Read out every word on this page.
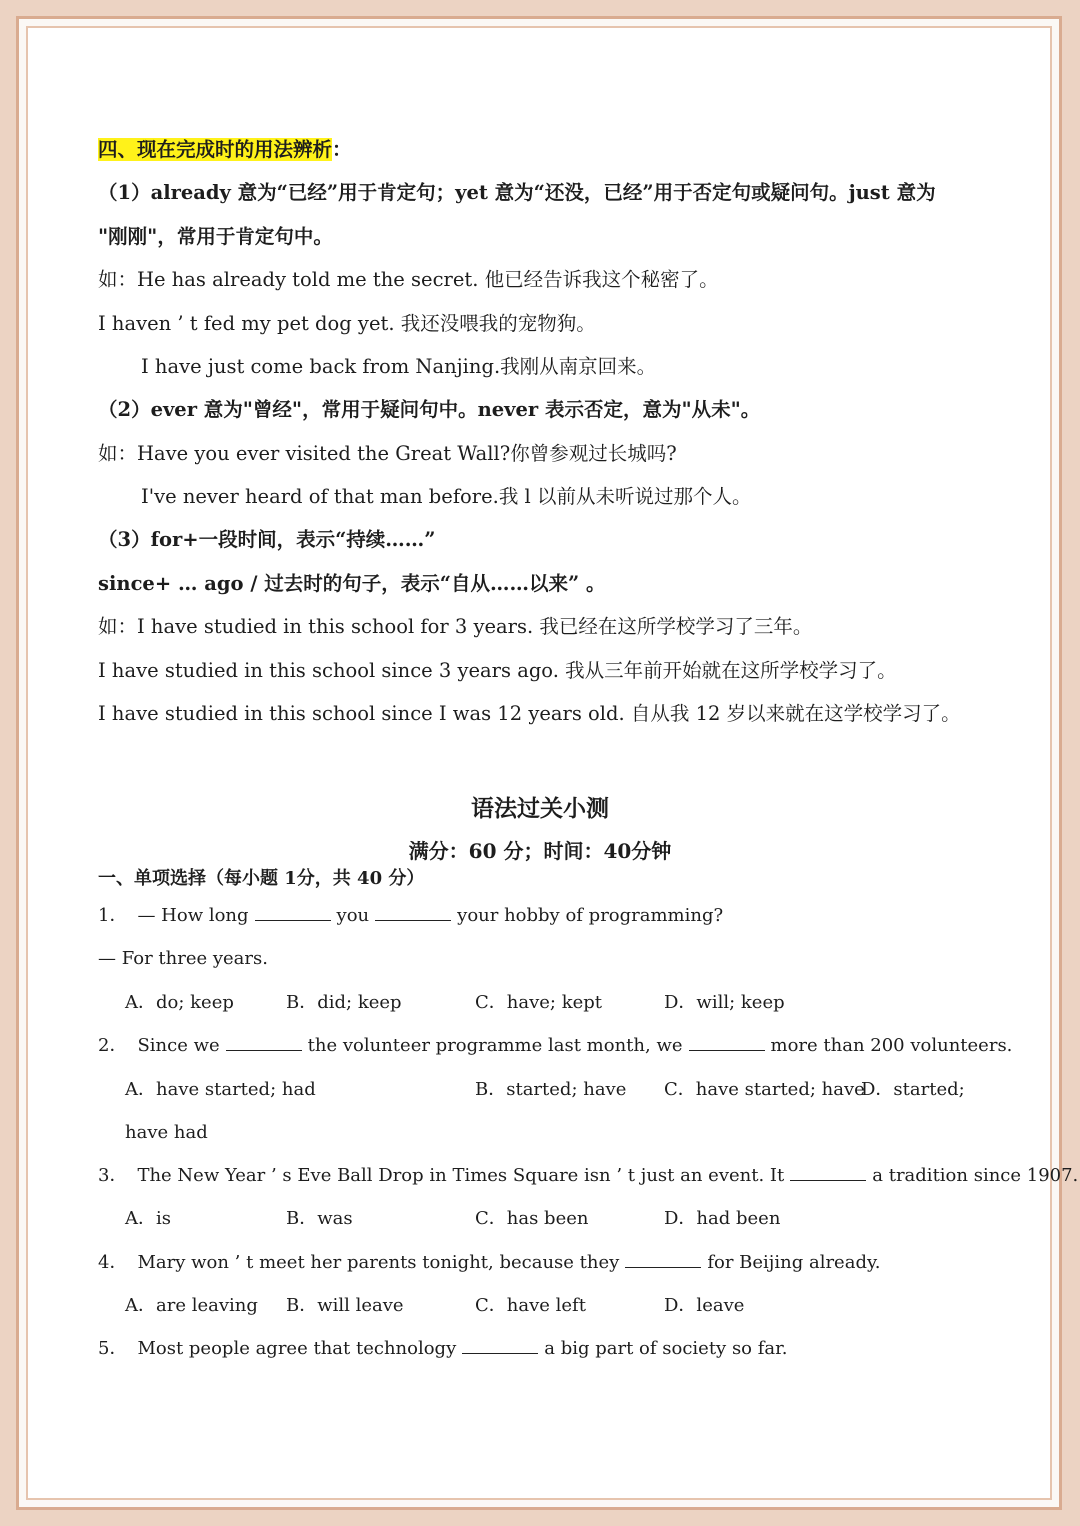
四、现在完成时的用法辨析：
（1）already 意为“已经”用于肯定句；yet 意为“还没，已经”用于否定句或疑问句。just 意为
"刚刚"，常用于肯定句中。
如：He has already told me the secret. 他已经告诉我这个秘密了。
I haven ’ t fed my pet dog yet. 我还没喂我的宠物狗。
I have just come back from Nanjing.我刚从南京回来。
（2）ever 意为"曾经"，常用于疑问句中。never 表示否定，意为"从未"。
如：Have you ever visited the Great Wall?你曾参观过长城吗?
I've never heard of that man before.我 l 以前从未听说过那个人。
（3）for+一段时间，表示“持续……”
since+ … ago / 过去时的句子，表示“自从……以来” 。
如：I have studied in this school for 3 years. 我已经在这所学校学习了三年。
I have studied in this school since 3 years ago. 我从三年前开始就在这所学校学习了。
I have studied in this school since I was 12 years old. 自从我 12 岁以来就在这学校学习了。
语法过关小测
满分：60 分；时间：40分钟
一、单项选择（每小题 1分，共 40 分）
1． — How long	you	your hobby of programming?
— For three years.
A．do; keep	B．did; keep	C．have; kept	D．will; keep
2． Since we	the volunteer programme last month, we	more than 200 volunteers.
A．have started; had	B．started; have C．have started; have
D．started;
have had
3． The New Year ’ s Eve Ball Drop in Times Square isn ’ t just an event. It	a tradition since 1907.
A．is	B．was	C．has been	D．had been
4． Mary won ’ t meet her parents tonight, because they	for Beijing already.
A．are leaving B．will leave	C．have left	D．leave
5． Most people agree that technology	a big part of society so far.
